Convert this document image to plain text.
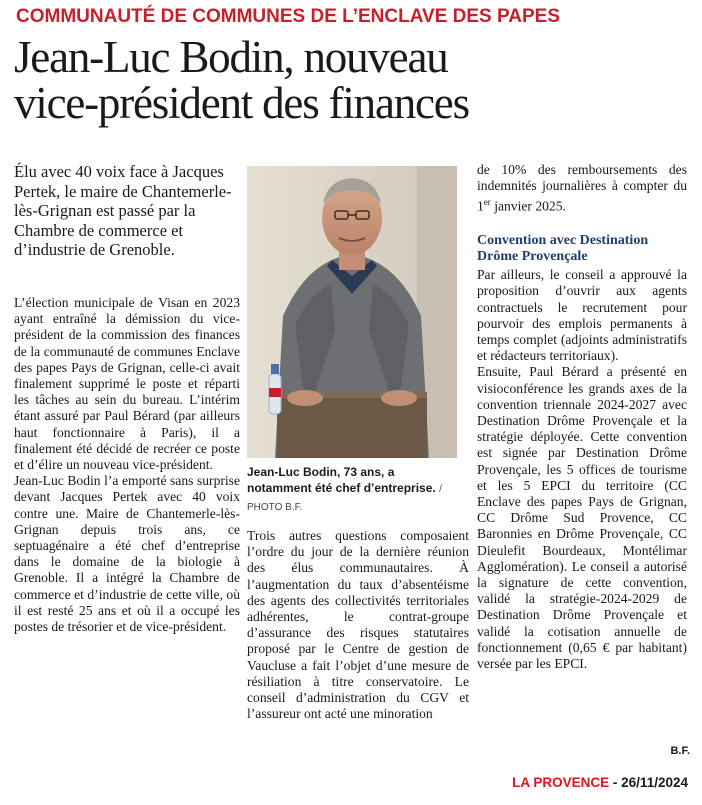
COMMUNAUTÉ DE COMMUNES DE L’ENCLAVE DES PAPES
Jean-Luc Bodin, nouveau
vice-président des finances

Élu avec 40 voix face à Jacques Pertek, le maire de Chantemerle-lès-Grignan est passé par la Chambre de commerce et d’industrie de Grenoble.

L’élection municipale de Visan en 2023 ayant entraîné la démission du vice-président de la commission des finances de la communauté de communes Enclave des papes Pays de Grignan, celle-ci avait finalement supprimé le poste et réparti les tâches au sein du bureau. L’intérim étant assuré par Paul Bérard (par ailleurs haut fonctionnaire à Paris), il a finalement été décidé de recréer ce poste et d’élire un nouveau vice-président.

Jean-Luc Bodin l’a emporté sans surprise devant Jacques Pertek avec 40 voix contre une. Maire de Chantemerle-lès-Grignan depuis trois ans, ce septuagénaire a été chef d’entreprise dans le domaine de la biologie à Grenoble. Il a intégré la Chambre de commerce et d’industrie de cette ville, où il est resté 25 ans et où il a occupé les postes de trésorier et de vice-président.

Jean-Luc Bodin, 73 ans, a notamment été chef d’entreprise. / PHOTO B.F.

Trois autres questions composaient l’ordre du jour de la dernière réunion des élus communautaires. À l’augmentation du taux d’absentéisme des agents des collectivités territoriales adhérentes, le contrat-groupe d’assurance des risques statutaires proposé par le Centre de gestion de Vaucluse a fait l’objet d’une mesure de résiliation à titre conservatoire. Le conseil d’administration du CGV et l’assureur ont acté une minoration

de 10% des remboursements des indemnités journalières à compter du 1er janvier 2025.

Convention avec Destination Drôme Provençale

Par ailleurs, le conseil a approuvé la proposition d’ouvrir aux agents contractuels le recrutement pour pourvoir des emplois permanents à temps complet (adjoints administratifs et rédacteurs territoriaux).

Ensuite, Paul Bérard a présenté en visioconférence les grands axes de la convention triennale 2024-2027 avec Destination Drôme Provençale et la stratégie déployée. Cette convention est signée par Destination Drôme Provençale, les 5 offices de tourisme et les 5 EPCI du territoire (CC Enclave des papes Pays de Grignan, CC Drôme Sud Provence, CC Baronnies en Drôme Provençale, CC Dieulefit Bourdeaux, Montélimar Agglomération). Le conseil a autorisé la signature de cette convention, validé la stratégie-2024-2029 de Destination Drôme Provençale et validé la cotisation annuelle de fonctionnement (0,65 € par habitant) versée par les EPCI.

B.F.
LA PROVENCE - 26/11/2024
